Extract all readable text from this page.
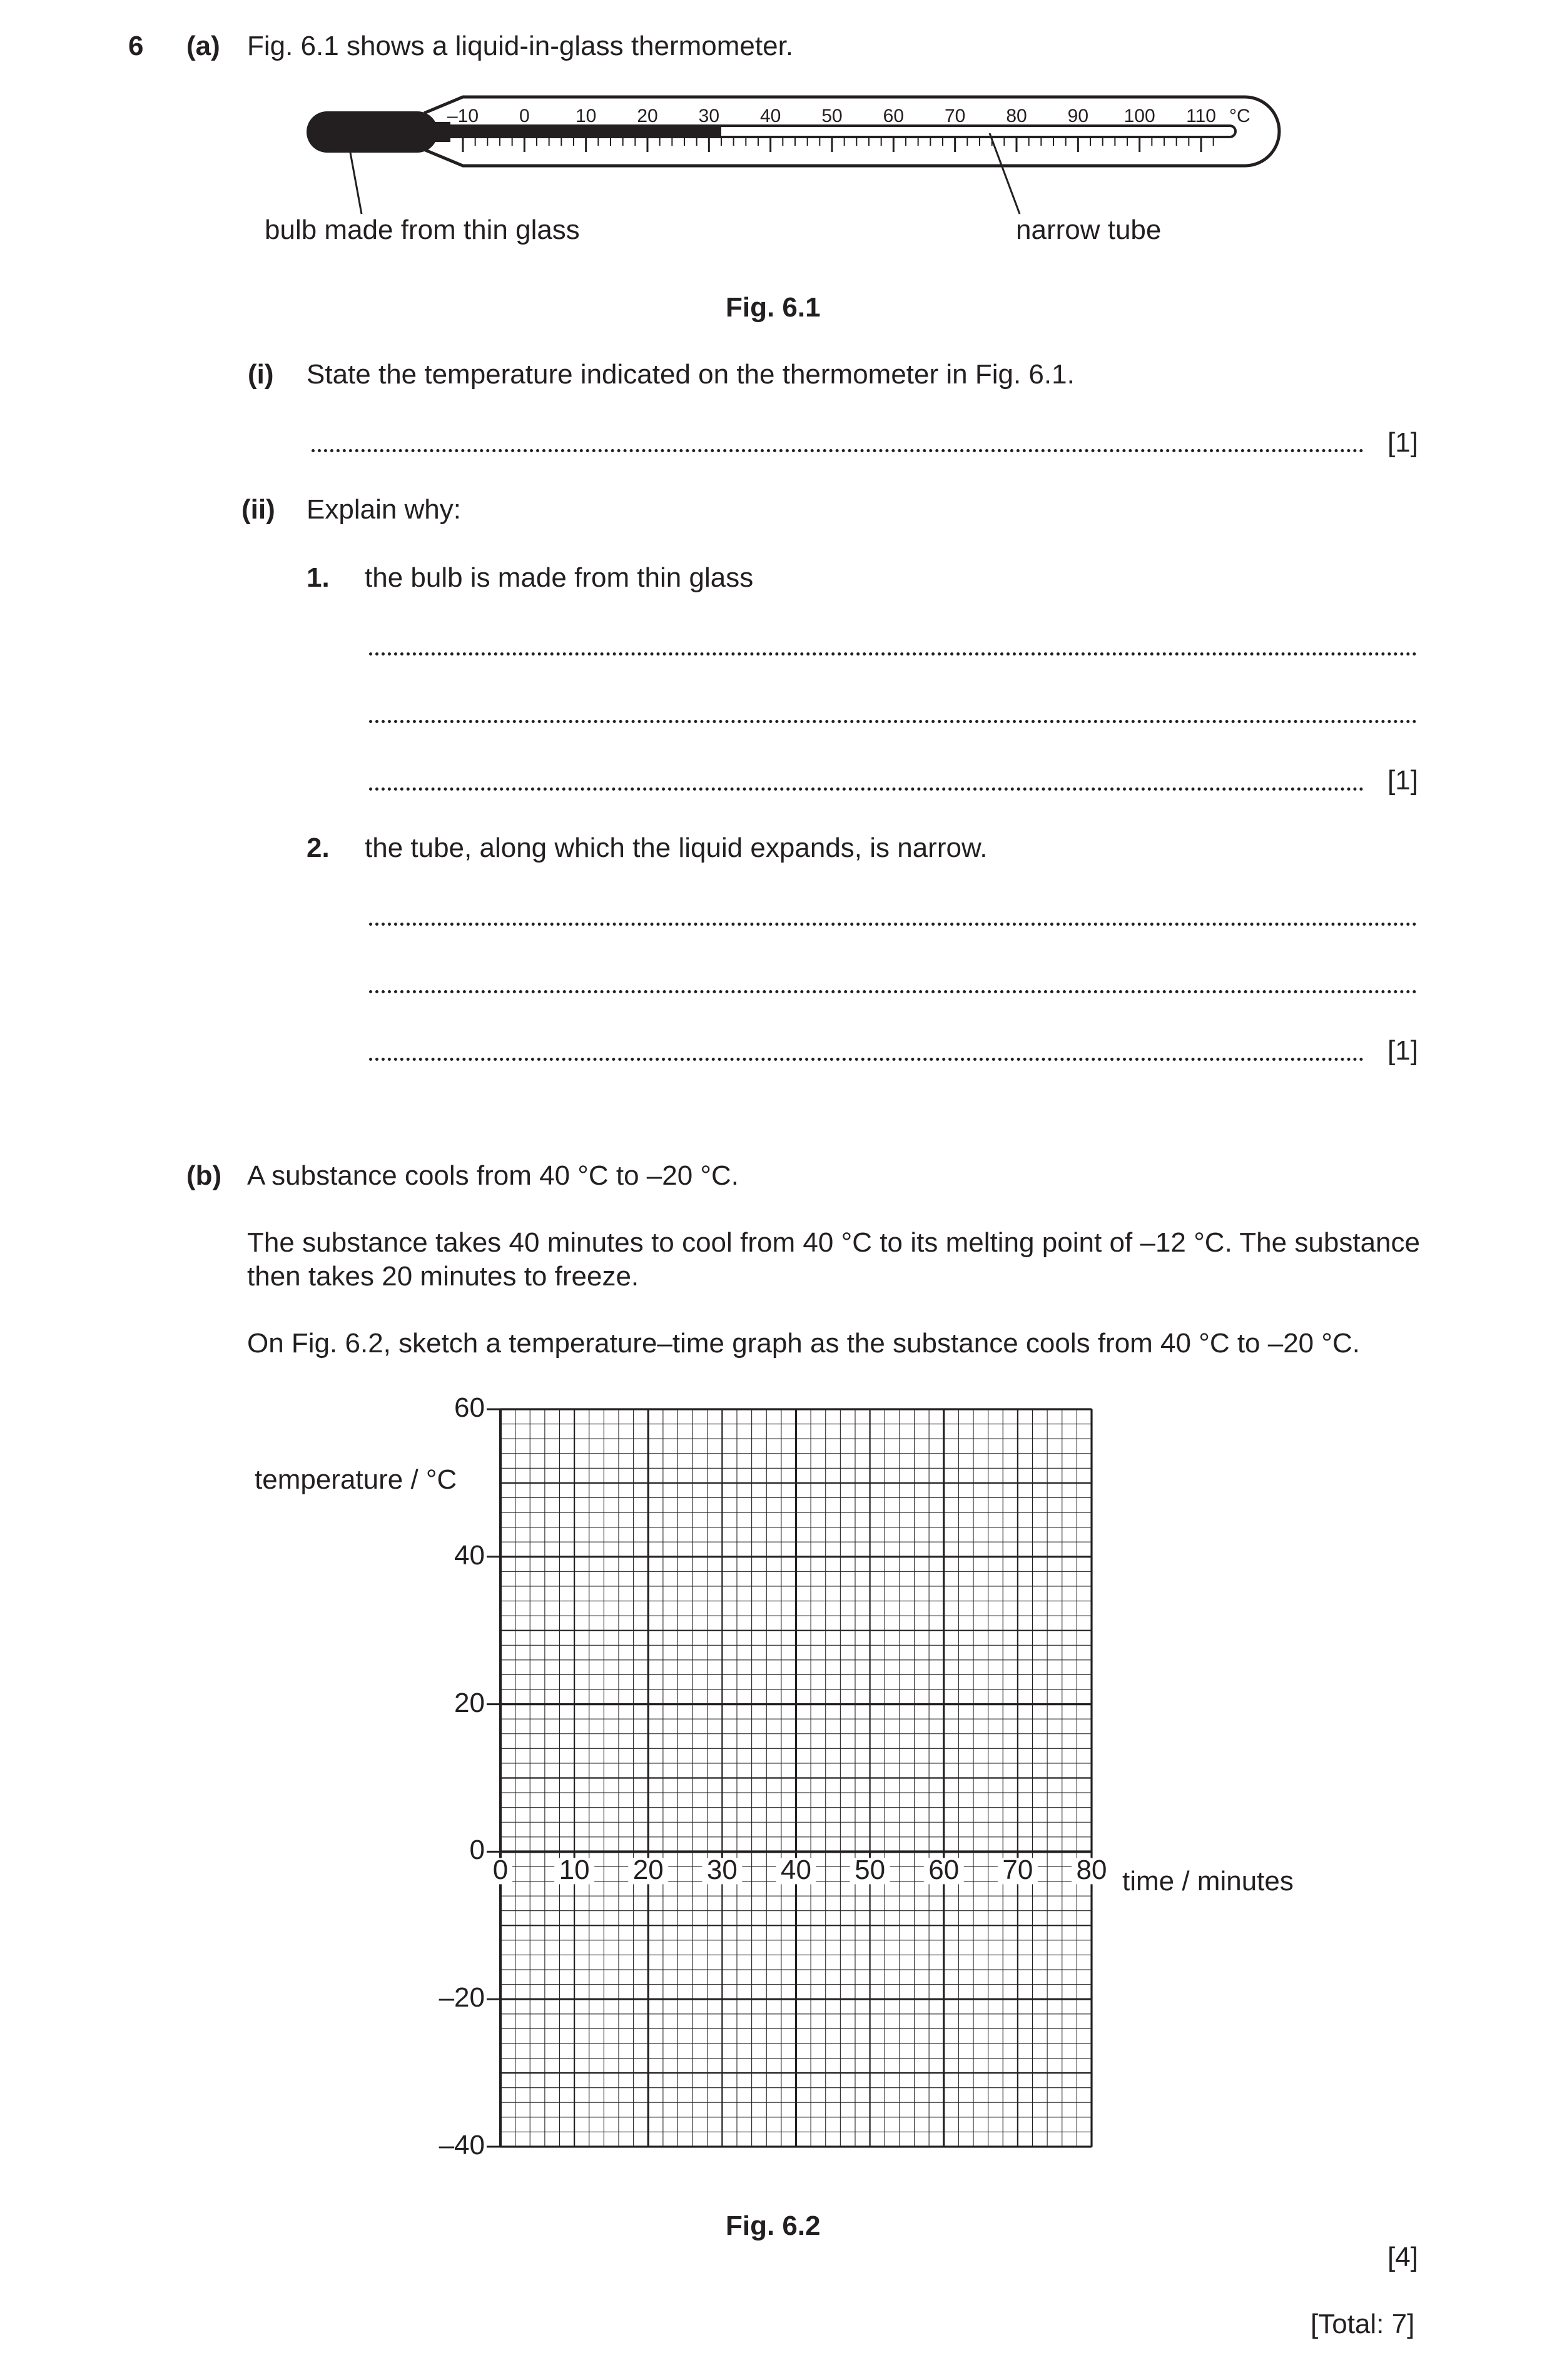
6 (a) Fig. 6.1 shows a liquid-in-glass thermometer.
–10 0 10 20 30 40 50 60 70 80 90 100 110 °C
bulb made from thin glass	narrow tube
Fig. 6.1
(i) State the temperature indicated on the thermometer in Fig. 6.1.
[1]
(ii) Explain why:
1. the bulb is made from thin glass
[1]
2. the tube, along which the liquid expands, is narrow.
[1]
(b) A substance cools from 40 °C to –20 °C.
The substance takes 40 minutes to cool from 40 °C to its melting point of –12 °C. The substance then takes 20 minutes to freeze.
On Fig. 6.2, sketch a temperature–time graph as the substance cools from 40 °C to –20 °C.
temperature / °C
time / minutes
60
40
20
0
–20
–40
0	10	20	30	40	50	60	70	80
Fig. 6.2
[4]
[Total: 7]
